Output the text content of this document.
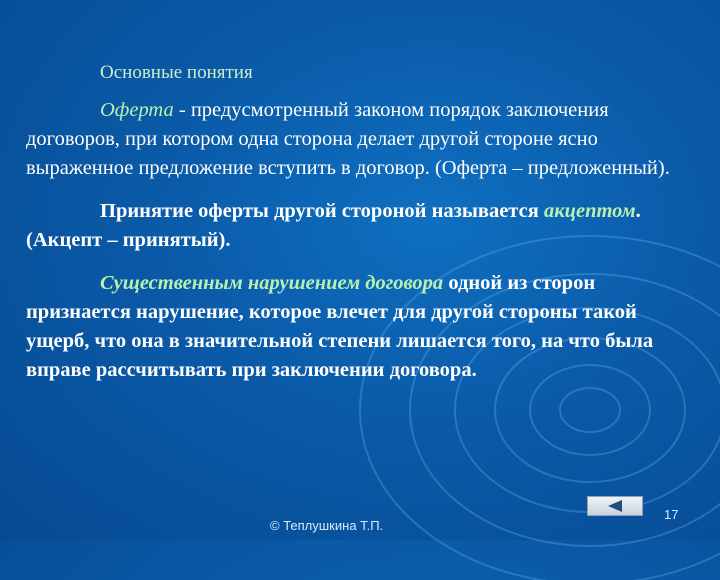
Основные понятия

Оферта - предусмотренный законом порядок заключения договоров, при котором одна сторона делает другой стороне ясно выраженное предложение вступить в договор. (Оферта – предложенный).

Принятие оферты другой стороной называется акцептом. (Акцепт – принятый).

Существенным нарушением договора одной из сторон признается нарушение, которое влечет для другой стороны такой ущерб, что она в значительной степени лишается того, на что была вправе рассчитывать при заключении договора.

© Теплушкина Т.П.
17
